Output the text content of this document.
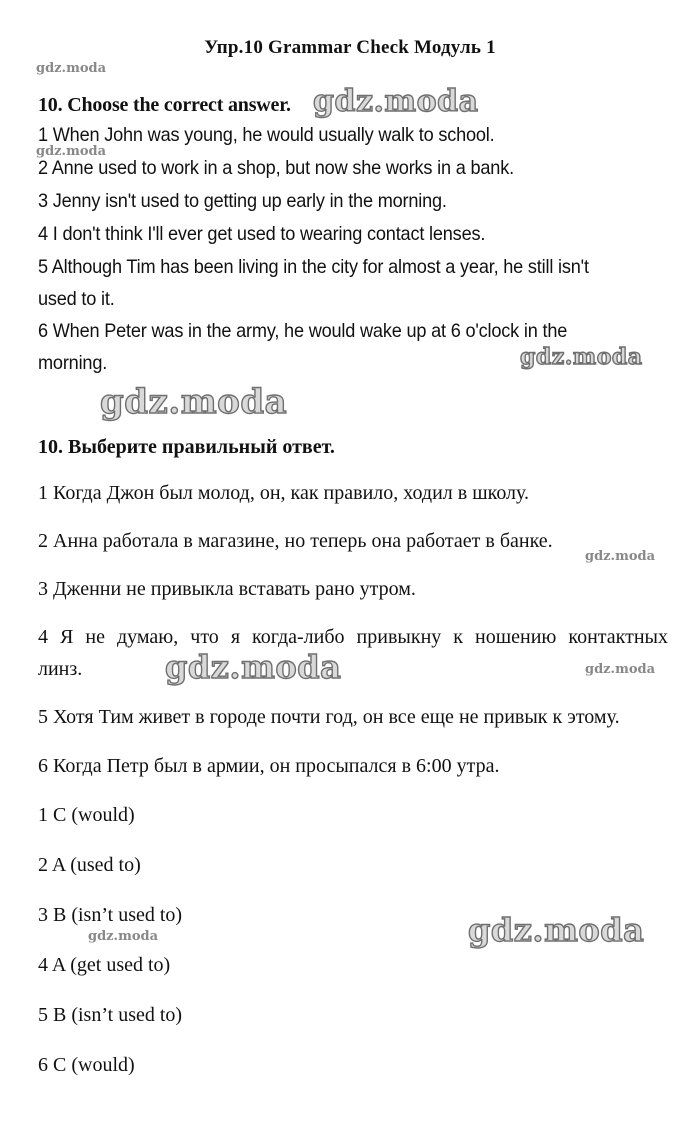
Упр.10 Grammar Check Модуль 1
10. Choose the correct answer.
1 When John was young, he would usually walk to school.
2 Anne used to work in a shop, but now she works in a bank.
3 Jenny isn't used to getting up early in the morning.
4 I don't think I'll ever get used to wearing contact lenses.
5 Although Tim has been living in the city for almost a year, he still isn't
used to it.
6 When Peter was in the army, he would wake up at 6 o'clock in the
morning.
10. Выберите правильный ответ.
1 Когда Джон был молод, он, как правило, ходил в школу.
2 Анна работала в магазине, но теперь она работает в банке.
3 Дженни не привыкла вставать рано утром.
4 Я не думаю, что я когда-либо привыкну к ношению контактных
линз.
5 Хотя Тим живет в городе почти год, он все еще не привык к этому.
6 Когда Петр был в армии, он просыпался в 6:00 утра.
1 C (would)
2 A (used to)
3 B (isn’t used to)
4 A (get used to)
5 B (isn’t used to)
6 C (would)
gdz.moda
gdz.moda
gdz.moda
gdz.moda
gdz.moda
gdz.moda
gdz.moda	gdz.moda
gdz.moda
gdz.moda
